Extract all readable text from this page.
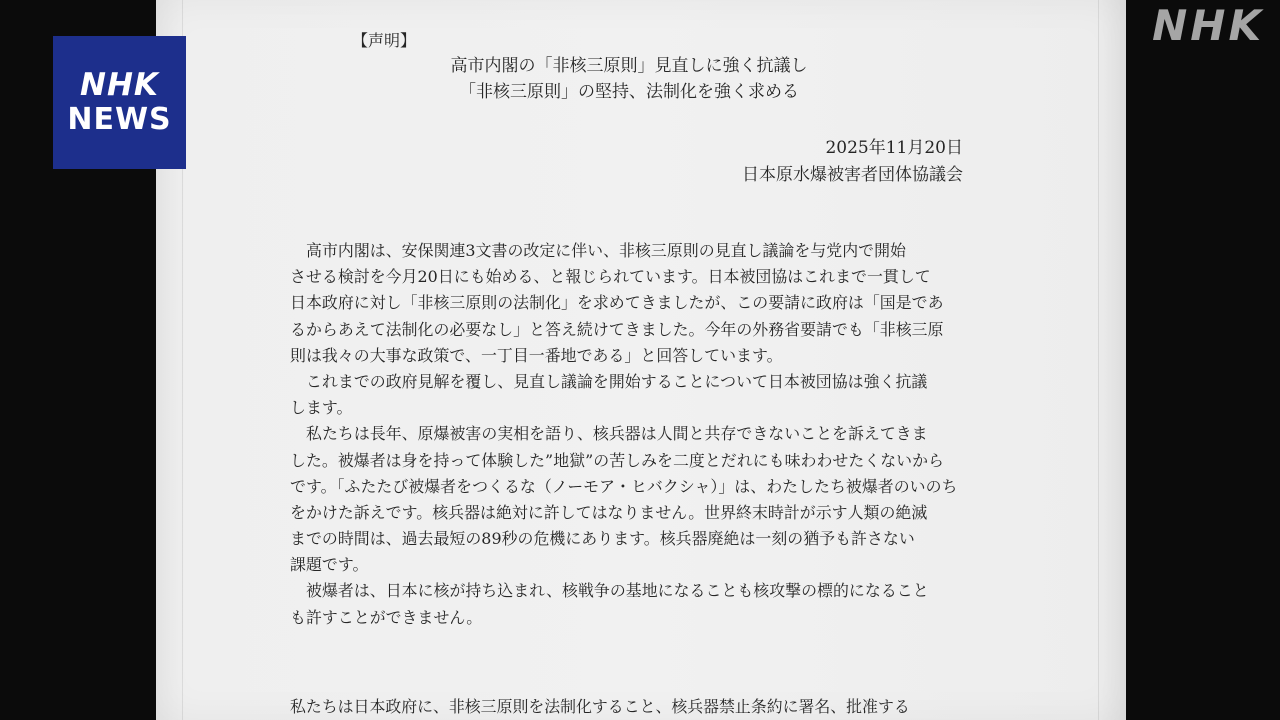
NHK
NEWS
NHK
【声明】
高市内閣の「非核三原則」見直しに強く抗議し
「非核三原則」の堅持、法制化を強く求める
2025年11月20日
日本原水爆被害者団体協議会
高市内閣は、安保関連3文書の改定に伴い、非核三原則の見直し議論を与党内で開始
させる検討を今月20日にも始める、と報じられています。日本被団協はこれまで一貫して
日本政府に対し「非核三原則の法制化」を求めてきましたが、この要請に政府は「国是であ
るからあえて法制化の必要なし」と答え続けてきました。今年の外務省要請でも「非核三原
則は我々の大事な政策で、一丁目一番地である」と回答しています。
これまでの政府見解を覆し、見直し議論を開始することについて日本被団協は強く抗議
します。
私たちは長年、原爆被害の実相を語り、核兵器は人間と共存できないことを訴えてきま
した。被爆者は身を持って体験した”地獄”の苦しみを二度とだれにも味わわせたくないから
です。「ふたたび被爆者をつくるな（ノーモア・ヒバクシャ）」は、わたしたち被爆者のいのち
をかけた訴えです。核兵器は絶対に許してはなりません。世界終末時計が示す人類の絶滅
までの時間は、過去最短の89秒の危機にあります。核兵器廃絶は一刻の猶予も許さない
課題です。
被爆者は、日本に核が持ち込まれ、核戦争の基地になることも核攻撃の標的になること
も許すことができません。
私たちは日本政府に、非核三原則を法制化すること、核兵器禁止条約に署名、批准する
